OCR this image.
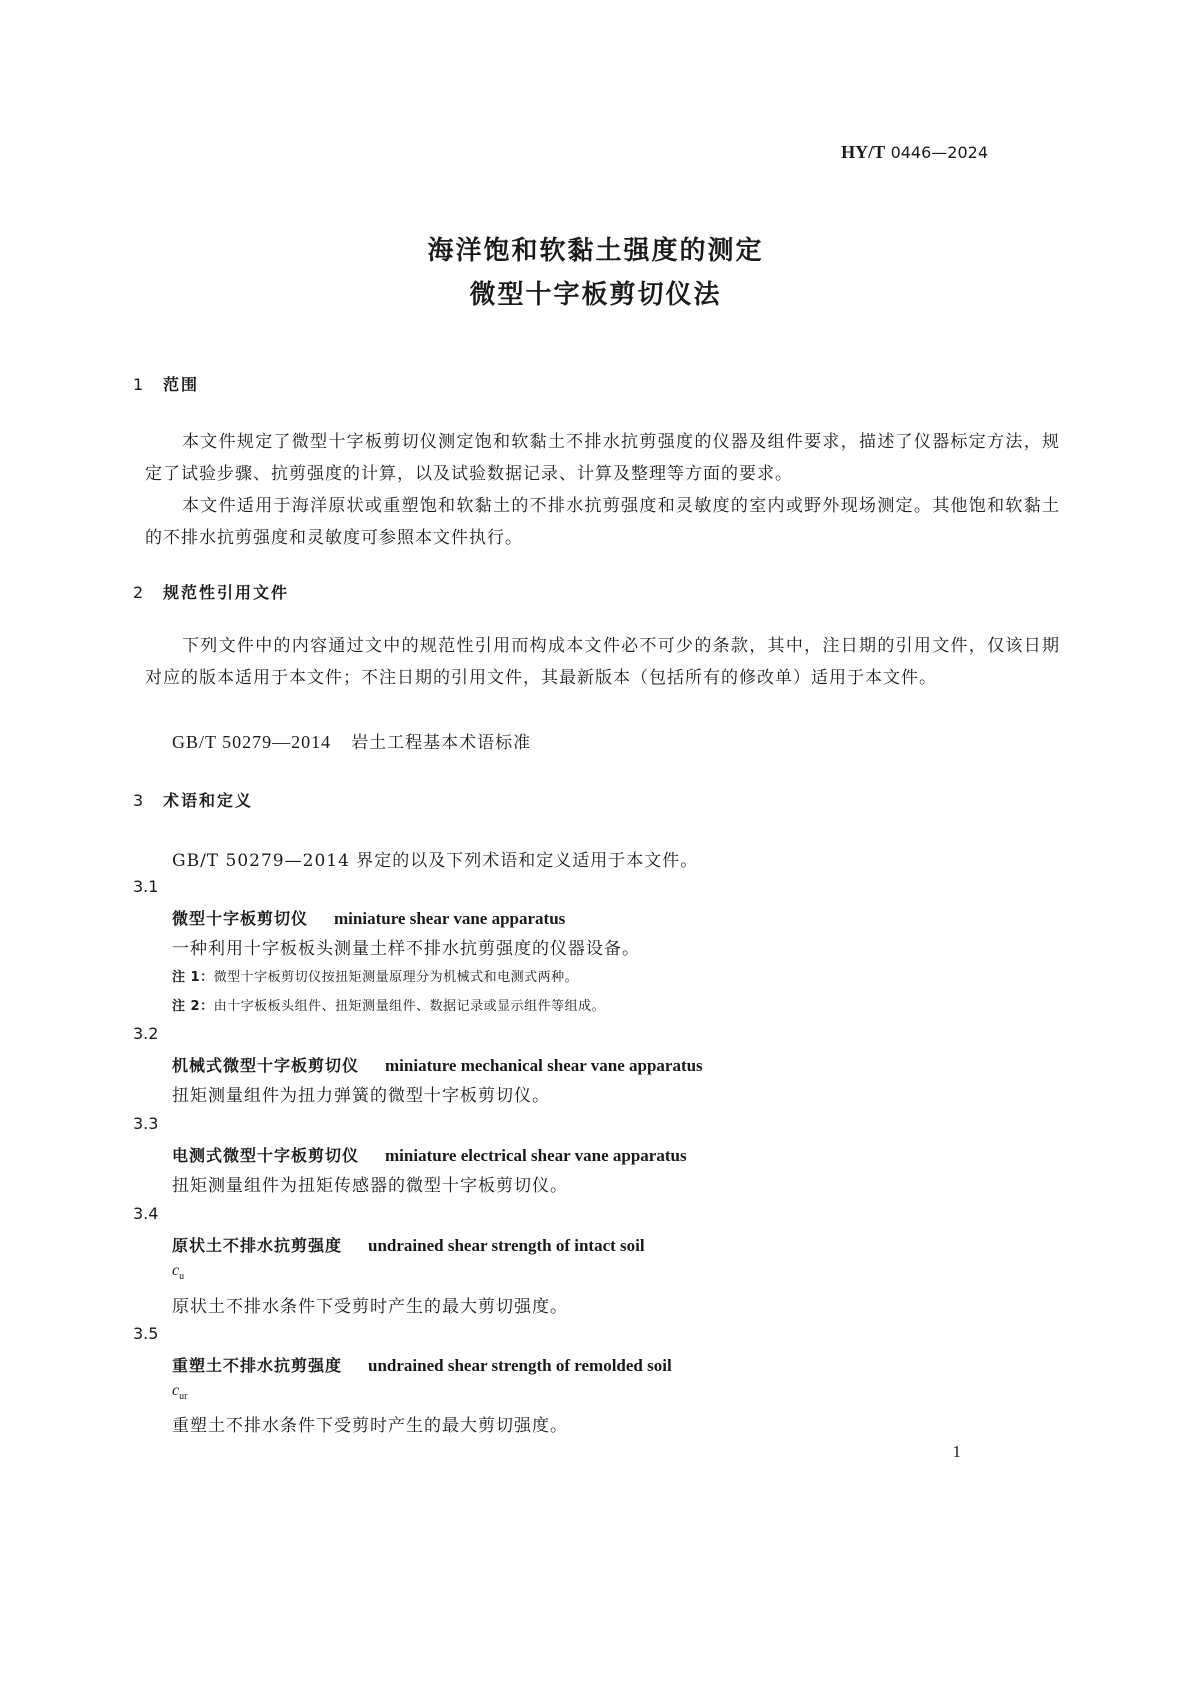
HY/T 0446—2024
海洋饱和软黏土强度的测定
微型十字板剪切仪法
1 范围
本文件规定了微型十字板剪切仪测定饱和软黏土不排水抗剪强度的仪器及组件要求，描述了仪器标定方法，规定了试验步骤、抗剪强度的计算，以及试验数据记录、计算及整理等方面的要求。
本文件适用于海洋原状或重塑饱和软黏土的不排水抗剪强度和灵敏度的室内或野外现场测定。其他饱和软黏土的不排水抗剪强度和灵敏度可参照本文件执行。
2 规范性引用文件
下列文件中的内容通过文中的规范性引用而构成本文件必不可少的条款，其中，注日期的引用文件，仅该日期对应的版本适用于本文件；不注日期的引用文件，其最新版本（包括所有的修改单）适用于本文件。
GB/T 50279—2014 岩土工程基本术语标准
3 术语和定义
GB/T 50279—2014 界定的以及下列术语和定义适用于本文件。
3.1
微型十字板剪切仪 miniature shear vane apparatus
一种利用十字板板头测量土样不排水抗剪强度的仪器设备。
注 1：微型十字板剪切仪按扭矩测量原理分为机械式和电测式两种。
注 2：由十字板板头组件、扭矩测量组件、数据记录或显示组件等组成。
3.2
机械式微型十字板剪切仪 miniature mechanical shear vane apparatus
扭矩测量组件为扭力弹簧的微型十字板剪切仪。
3.3
电测式微型十字板剪切仪 miniature electrical shear vane apparatus
扭矩测量组件为扭矩传感器的微型十字板剪切仪。
3.4
原状土不排水抗剪强度 undrained shear strength of intact soil
$c_u$
原状土不排水条件下受剪时产生的最大剪切强度。
3.5
重塑土不排水抗剪强度 undrained shear strength of remolded soil
$c_{ur}$
重塑土不排水条件下受剪时产生的最大剪切强度。
1
